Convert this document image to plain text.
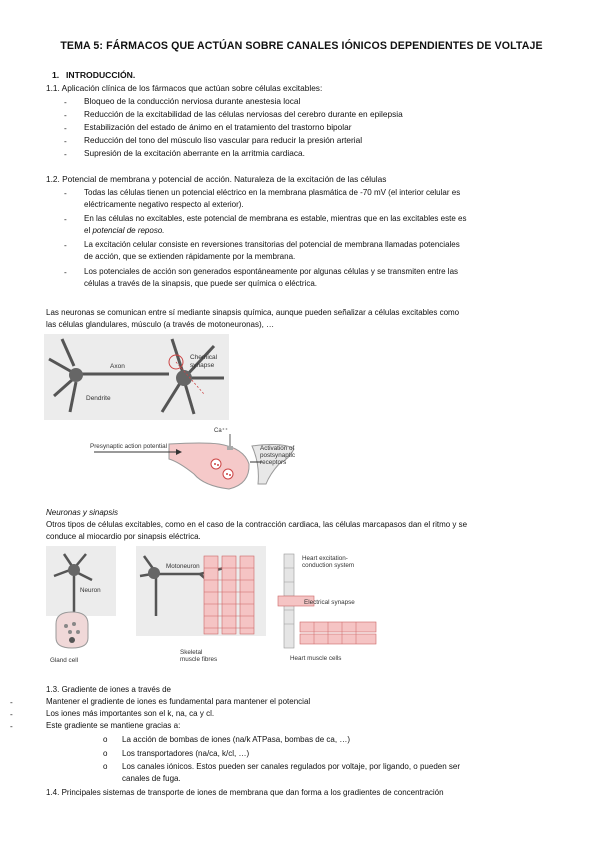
TEMA 5: FÁRMACOS QUE ACTÚAN SOBRE CANALES IÓNICOS DEPENDIENTES DE VOLTAJE
1. INTRODUCCIÓN.
1.1. Aplicación clínica de los fármacos que actúan sobre células excitables:
- Bloqueo de la conducción nerviosa durante anestesia local
- Reducción de la excitabilidad de las células nerviosas del cerebro durante en epilepsia
- Estabilización del estado de ánimo en el tratamiento del trastorno bipolar
- Reducción del tono del músculo liso vascular para reducir la presión arterial
- Supresión de la excitación aberrante en la arritmia cardiaca.
1.2. Potencial de membrana y potencial de acción. Naturaleza de la excitación de las células
- Todas las células tienen un potencial eléctrico en la membrana plasmática de -70 mV (el interior celular es
eléctricamente negativo respecto al exterior).
- En las células no excitables, este potencial de membrana es estable, mientras que en las excitables este es
el potencial de reposo.
- La excitación celular consiste en reversiones transitorias del potencial de membrana llamadas potenciales
de acción, que se extienden rápidamente por la membrana.
- Los potenciales de acción son generados espontáneamente por algunas células y se transmiten entre las
células a través de la sinapsis, que puede ser química o eléctrica.
Las neuronas se comunican entre sí mediante sinapsis química, aunque pueden señalizar a células excitables como
las células glandulares, músculo (a través de motoneuronas), …
Axon
Dendrite
Chemical
synapse
Ca⁺⁺
Presynaptic action potential	Activation of
postsynaptic
receptors
Neuronas y sinapsis
Otros tipos de células excitables, como en el caso de la contracción cardiaca, las células marcapasos dan el ritmo y se
conduce al miocardio por sinapsis eléctrica.
Neuron
Gland cell
Motoneuron
Skeletal
muscle fibres
Heart excitation-
conduction system
Electrical synapse
Heart muscle cells
1.3. Gradiente de iones a través de
-	Mantener el gradiente de iones es fundamental para mantener el potencial
-	Los iones más importantes son el k, na, ca y cl.
-	Este gradiente se mantiene gracias a:
o La acción de bombas de iones (na/k ATPasa, bombas de ca, …)
o Los transportadores (na/ca, k/cl, …)
o Los canales iónicos. Estos pueden ser canales regulados por voltaje, por ligando, o pueden ser
canales de fuga.
1.4. Principales sistemas de transporte de iones de membrana que dan forma a los gradientes de concentración
